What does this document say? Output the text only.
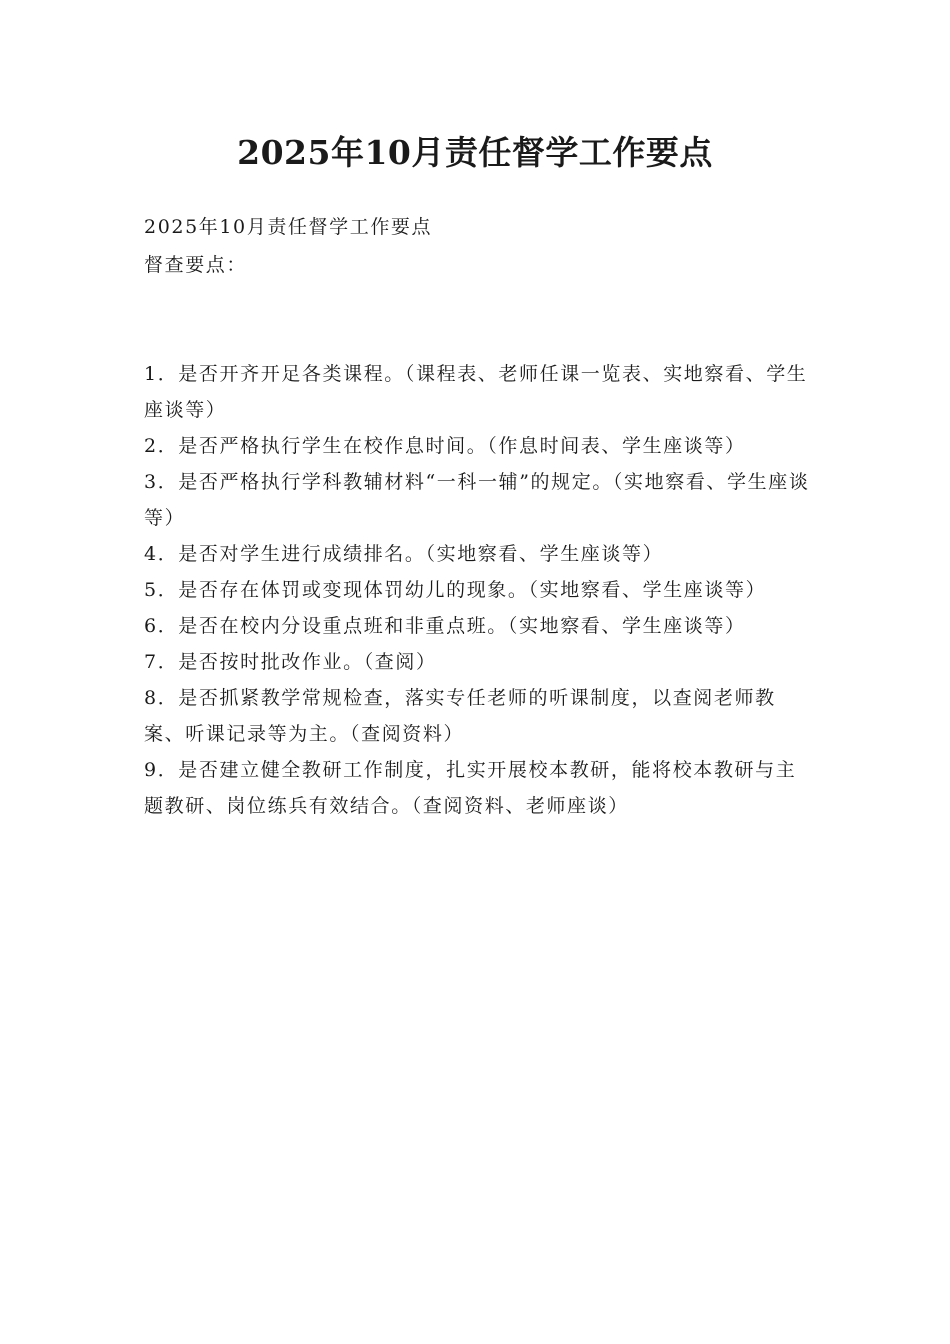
2025年10月责任督学工作要点
2025年10月责任督学工作要点
督查要点：
1．是否开齐开足各类课程。（课程表、老师任课一览表、实地察看、学生座谈等）
2．是否严格执行学生在校作息时间。（作息时间表、学生座谈等）
3．是否严格执行学科教辅材料“一科一辅”的规定。（实地察看、学生座谈等）
4．是否对学生进行成绩排名。（实地察看、学生座谈等）
5．是否存在体罚或变现体罚幼儿的现象。（实地察看、学生座谈等）
6．是否在校内分设重点班和非重点班。（实地察看、学生座谈等）
7．是否按时批改作业。（查阅）
8．是否抓紧教学常规检查，落实专任老师的听课制度，以查阅老师教案、听课记录等为主。（查阅资料）
9．是否建立健全教研工作制度，扎实开展校本教研，能将校本教研与主题教研、岗位练兵有效结合。（查阅资料、老师座谈）
